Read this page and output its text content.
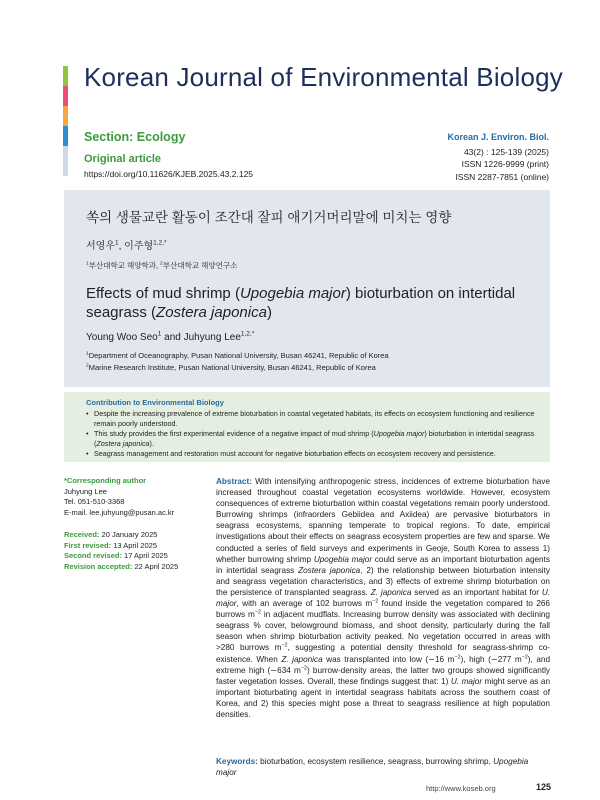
Korean Journal of Environmental Biology
Section: Ecology
Original article
https://doi.org/10.11626/KJEB.2025.43.2.125
Korean J. Environ. Biol.
43(2) : 125-139 (2025)
ISSN 1226-9999 (print)
ISSN 2287-7851 (online)
쏙의 생물교란 활동이 조간대 잘피 애기거머리말에 미치는 영향
서영우$^1$, 이주형$^{1,2,*}$
$^1$부산대학교 해양학과, $^2$부산대학교 해양연구소
Effects of mud shrimp (Upogebia major) bioturbation on intertidal seagrass (Zostera japonica)
Young Woo Seo$^1$ and Juhyung Lee$^{1,2,*}$
$^1$Department of Oceanography, Pusan National University, Busan 46241, Republic of Korea
$^2$Marine Research Institute, Pusan National University, Busan 46241, Republic of Korea
Contribution to Environmental Biology
• Despite the increasing prevalence of extreme bioturbation in coastal vegetated habitats, its effects on ecosystem functioning and resilience remain poorly understood.
• This study provides the first experimental evidence of a negative impact of mud shrimp (Upogebia major) bioturbation in intertidal seagrass (Zostera japonica).
• Seagrass management and restoration must account for negative bioturbation effects on ecosystem recovery and persistence.
*Corresponding author
Juhyung Lee
Tel. 051-510-3368
E-mail. lee.juhyung@pusan.ac.kr
Received: 20 January 2025
First revised: 13 April 2025
Second revised: 17 April 2025
Revision accepted: 22 April 2025
Abstract: With intensifying anthropogenic stress, incidences of extreme bioturbation have increased throughout coastal vegetation ecosystems worldwide. However, ecosystem consequences of extreme bioturbation within coastal vegetations remain poorly understood. Burrowing shrimps (infraorders Gebiidea and Axiidea) are pervasive bioturbators in seagrass ecosystems, spanning temperate to tropical regions. To date, empirical investigations about their effects on seagrass ecosystem properties are few and sparse. We conducted a series of field surveys and experiments in Geoje, South Korea to assess 1) whether burrowing shrimp Upogebia major could serve as an important bioturbation agents in intertidal seagrass Zostera japonica, 2) the relationship between bioturbation intensity and seagrass vegetation characteristics, and 3) effects of extreme shrimp bioturbation on the persistence of transplanted seagrass. Z. japonica served as an important habitat for U. major, with an average of 102 burrows $m^{-2}$ found inside the vegetation compared to 266 burrows $m^{-2}$ in adjacent mudflats. Increasing burrow density was associated with declining seagrass % cover, belowground biomass, and shoot density, particularly during the fall season when shrimp bioturbation activity peaked. No vegetation occurred in areas with >280 burrows $m^{-2}$, suggesting a potential density threshold for seagrass-shrimp co-existence. When Z. japonica was transplanted into low (∼16 $m^{-2}$), high (∼277 $m^{-2}$), and extreme high (∼634 $m^{-2}$) burrow-density areas, the latter two groups showed significantly faster vegetation losses. Overall, these findings suggest that: 1) U. major might serve as an important bioturbating agent in intertidal seagrass habitats across the southern coast of Korea, and 2) this species might pose a threat to seagrass resilience at high population densities.
Keywords: bioturbation, ecosystem resilience, seagrass, burrowing shrimp, Upogebia major
http://www.koseb.org	125
